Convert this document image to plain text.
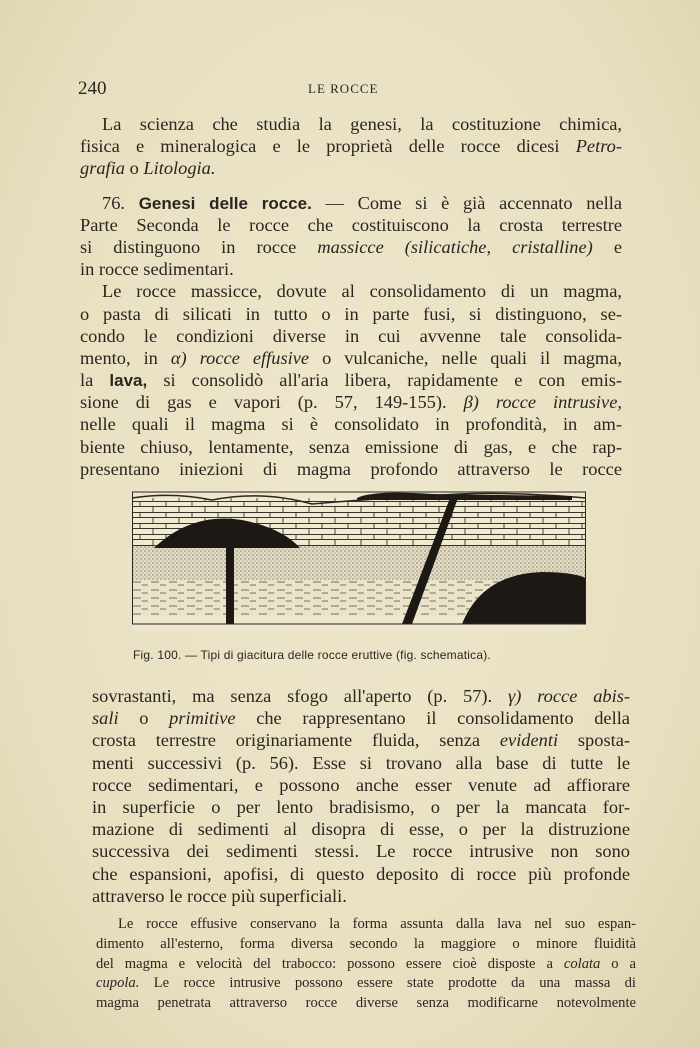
240	LE ROCCE
La scienza che studia la genesi, la costituzione chimica,
fisica e mineralogica e le proprietà delle rocce dicesi Petro-
grafia o Litologia.
76. Genesi delle rocce. — Come si è già accennato nella
Parte Seconda le rocce che costituiscono la crosta terrestre
si distinguono in rocce massicce (silicatiche, cristalline) e
in rocce sedimentari.
Le rocce massicce, dovute al consolidamento di un magma,
o pasta di silicati in tutto o in parte fusi, si distinguono, se-
condo le condizioni diverse in cui avvenne tale consolida-
mento, in α) rocce effusive o vulcaniche, nelle quali il magma,
la lava, si consolidò all'aria libera, rapidamente e con emis-
sione di gas e vapori (p. 57, 149-155). β) rocce intrusive,
nelle quali il magma si è consolidato in profondità, in am-
biente chiuso, lentamente, senza emissione di gas, e che rap-
presentano iniezioni di magma profondo attraverso le rocce
Fig. 100. — Tipi di giacitura delle rocce eruttive (fig. schematica).
sovrastanti, ma senza sfogo all'aperto (p. 57). γ) rocce abis-
sali o primitive che rappresentano il consolidamento della
crosta terrestre originariamente fluida, senza evidenti sposta-
menti successivi (p. 56). Esse si trovano alla base di tutte le
rocce sedimentari, e possono anche esser venute ad affiorare
in superficie o per lento bradisismo, o per la mancata for-
mazione di sedimenti al disopra di esse, o per la distruzione
successiva dei sedimenti stessi. Le rocce intrusive non sono
che espansioni, apofisi, di questo deposito di rocce più profonde
attraverso le rocce più superficiali.
Le rocce effusive conservano la forma assunta dalla lava nel suo espan-
dimento all'esterno, forma diversa secondo la maggiore o minore fluidità
del magma e velocità del trabocco: possono essere cioè disposte a colata o a
cupola. Le rocce intrusive possono essere state prodotte da una massa di
magma penetrata attraverso rocce diverse senza modificarne notevolmente
